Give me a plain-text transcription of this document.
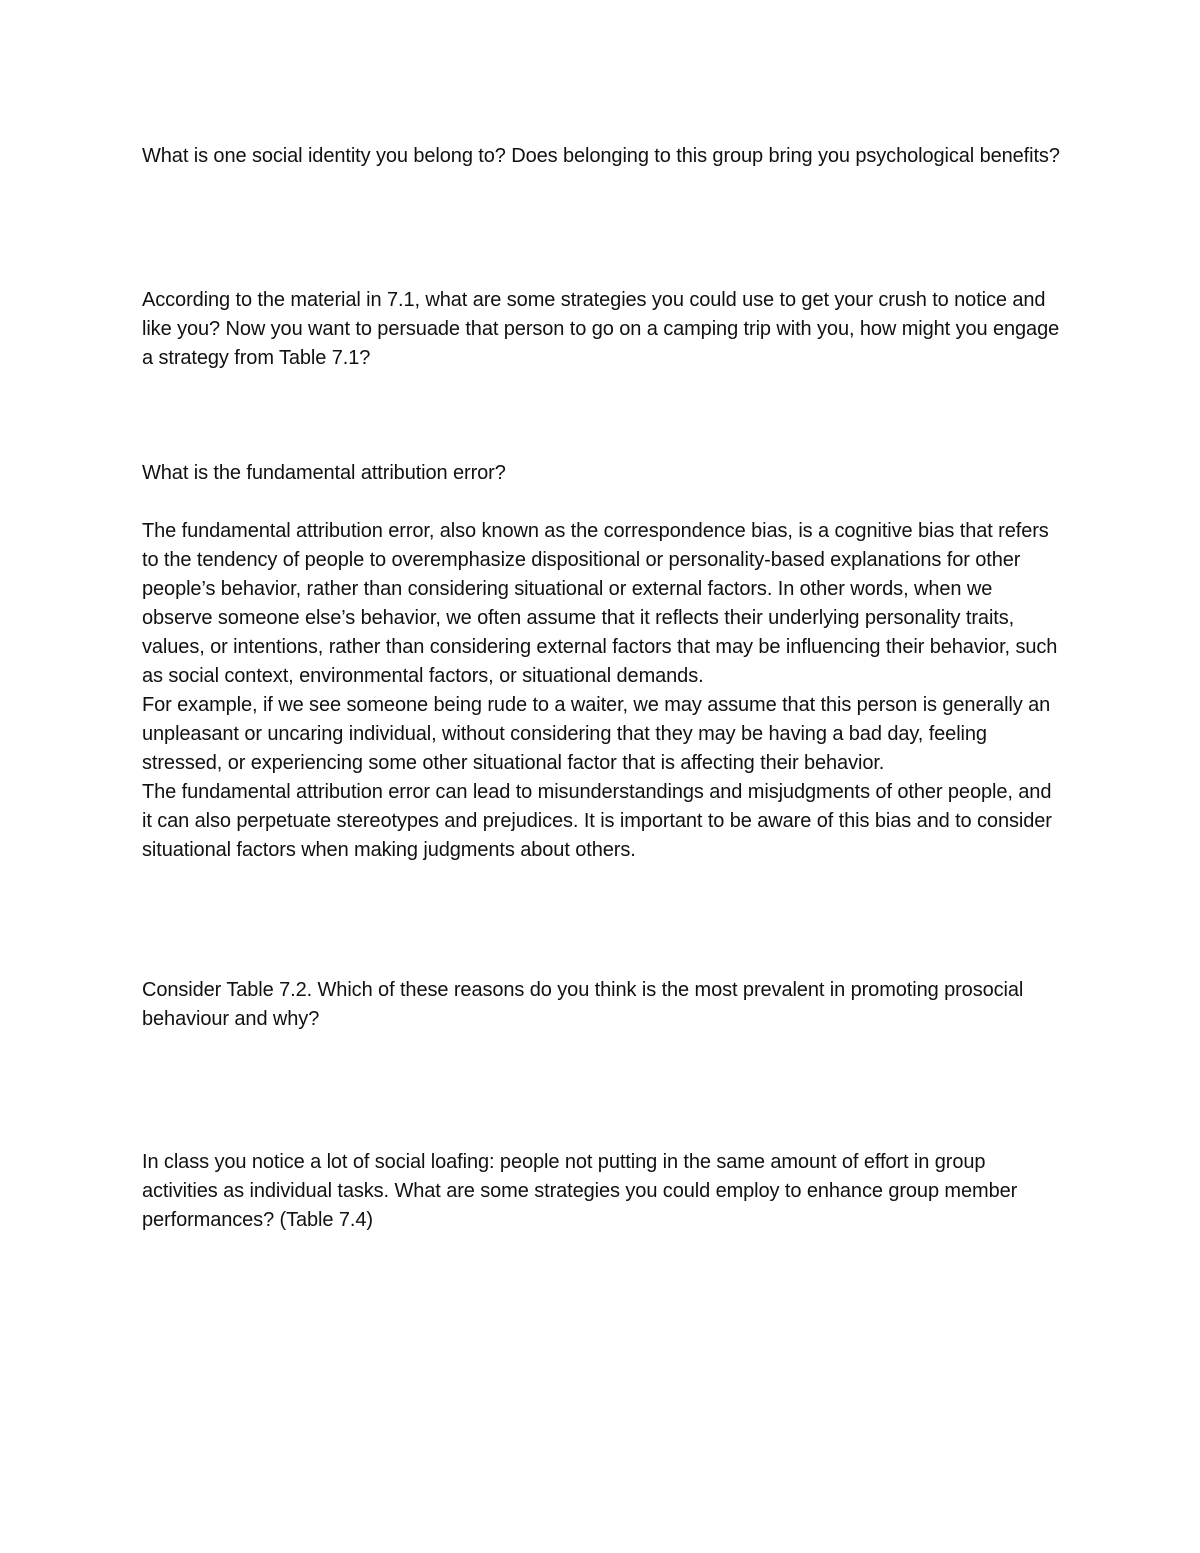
What is one social identity you belong to? Does belonging to this group bring you psychological benefits?

According to the material in 7.1, what are some strategies you could use to get your crush to notice and like you? Now you want to persuade that person to go on a camping trip with you, how might you engage a strategy from Table 7.1?

What is the fundamental attribution error?

The fundamental attribution error, also known as the correspondence bias, is a cognitive bias that refers to the tendency of people to overemphasize dispositional or personality-based explanations for other people’s behavior, rather than considering situational or external factors. In other words, when we observe someone else’s behavior, we often assume that it reflects their underlying personality traits, values, or intentions, rather than considering external factors that may be influencing their behavior, such as social context, environmental factors, or situational demands.
For example, if we see someone being rude to a waiter, we may assume that this person is generally an unpleasant or uncaring individual, without considering that they may be having a bad day, feeling stressed, or experiencing some other situational factor that is affecting their behavior.
The fundamental attribution error can lead to misunderstandings and misjudgments of other people, and it can also perpetuate stereotypes and prejudices. It is important to be aware of this bias and to consider situational factors when making judgments about others.

Consider Table 7.2. Which of these reasons do you think is the most prevalent in promoting prosocial behaviour and why?

In class you notice a lot of social loafing: people not putting in the same amount of effort in group activities as individual tasks. What are some strategies you could employ to enhance group member performances? (Table 7.4)
